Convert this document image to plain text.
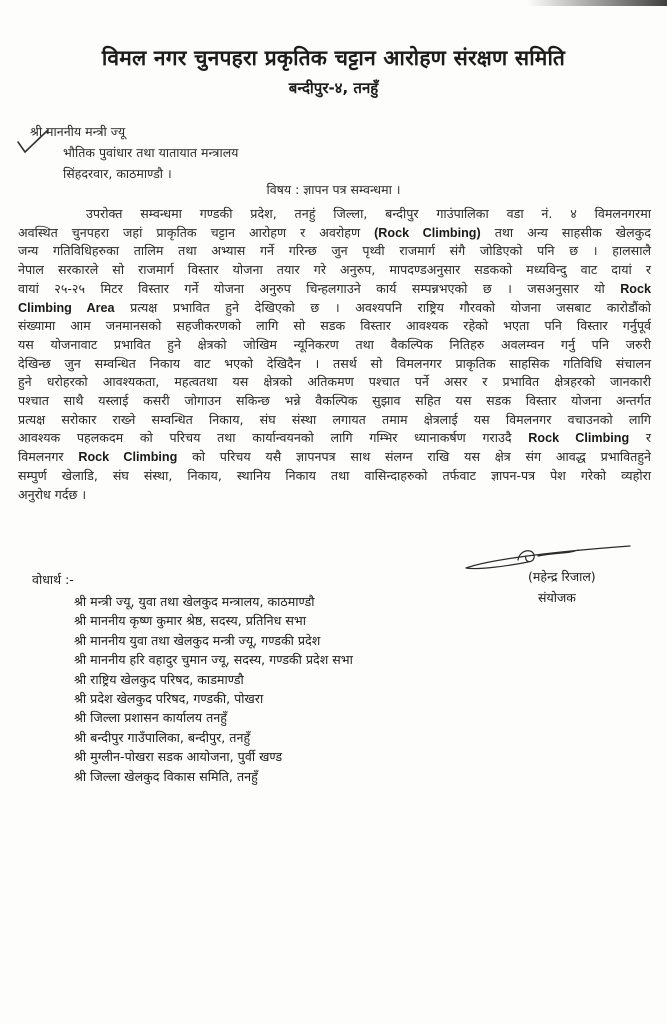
विमल नगर चुनपहरा प्रकृतिक चट्टान आरोहण संरक्षण समिति
बन्दीपुर-४, तनहुँ
श्री माननीय मन्त्री ज्यू
भौतिक पुवांधार तथा यातायात मन्त्रालय
सिंहदरवार, काठमाण्डौ ।
विषय : ज्ञापन पत्र सम्वन्धमा ।
उपरोक्त सम्वन्धमा गण्डकी प्रदेश, तनहुं जिल्ला, बन्दीपुर गाउंपालिका वडा नं. ४ विमलनगरमा
अवस्थित चुनपहरा जहां प्राकृतिक चट्टान आरोहण र अवरोहण (Rock Climbing) तथा अन्य साहसीक खेलकुद
जन्य गतिविधिहरुका तालिम तथा अभ्यास गर्ने गरिन्छ जुन पृथ्वी राजमार्ग संगै जोडिएको पनि छ । हालसालै
नेपाल सरकारले सो राजमार्ग विस्तार योजना तयार गरे अनुरुप, मापदण्डअनुसार सडकको मध्यविन्दु वाट दायां र
वायां २५-२५ मिटर विस्तार गर्ने योजना अनुरुप चिन्हलगाउने कार्य सम्पन्नभएको छ । जसअनुसार यो Rock
Climbing Area प्रत्यक्ष प्रभावित हुने देखिएको छ । अवश्यपनि राष्ट्रिय गौरवको योजना जसबाट कारोडौंको
संख्यामा आम जनमानसको सहजीकरणको लागि सो सडक विस्तार आवश्यक रहेको भएता पनि विस्तार गर्नुपूर्व
यस योजनावाट प्रभावित हुने क्षेत्रको जोखिम न्यूनिकरण तथा वैकल्पिक नितिहरु अवलम्वन गर्नु पनि जरुरी
देखिन्छ जुन सम्वन्धित निकाय वाट भएको देखिदैन । तसर्थ सो विमलनगर प्राकृतिक साहसिक गतिविधि संचालन
हुने धरोहरको आवश्यकता, महत्वतथा यस क्षेत्रको अतिकमण पश्चात पर्ने असर र प्रभावित क्षेत्रहरको जानकारी
पश्चात साथै यस्लाई कसरी जोगाउन सकिन्छ भन्ने वैकल्पिक सुझाव सहित यस सडक विस्तार योजना अन्तर्गत
प्रत्यक्ष सरोकार राख्ने सम्वन्धित निकाय, संघ संस्था लगायत तमाम क्षेत्रलाई यस विमलनगर वचाउनको लागि
आवश्यक पहलकदम को परिचय तथा कार्यान्वयनको लागि गम्भिर ध्यानाकर्षण गराउदै Rock Climbing र
विमलनगर Rock Climbing को परिचय यसै ज्ञापनपत्र साथ संलग्न राखि यस क्षेत्र संग आवद्ध प्रभावितहुने
सम्पुर्ण खेलाडि, संघ संस्था, निकाय, स्थानिय निकाय तथा वासिन्दाहरुको तर्फवाट ज्ञापन-पत्र पेश गरेको व्यहोरा
अनुरोध गर्दछ ।
(महेन्द्र रिजाल)
संयोजक
वोधार्थ :-
श्री मन्त्री ज्यू, युवा तथा खेलकुद मन्त्रालय, काठमाण्डौ
श्री माननीय कृष्ण कुमार श्रेष्ठ, सदस्य, प्रतिनिध सभा
श्री माननीय युवा तथा खेलकुद मन्त्री ज्यू, गण्डकी प्रदेश
श्री माननीय हरि वहादुर चुमान ज्यू, सदस्य, गण्डकी प्रदेश सभा
श्री राष्ट्रिय खेलकुद परिषद, काडमाण्डौ
श्री प्रदेश खेलकुद परिषद, गण्डकी, पोखरा
श्री जिल्ला प्रशासन कार्यालय तनहुँ
श्री बन्दीपुर गाउँपालिका, बन्दीपुर, तनहुँ
श्री मुग्लीन-पोखरा सडक आयोजना, पुर्वी खण्ड
श्री जिल्ला खेलकुद विकास समिति, तनहुँ
